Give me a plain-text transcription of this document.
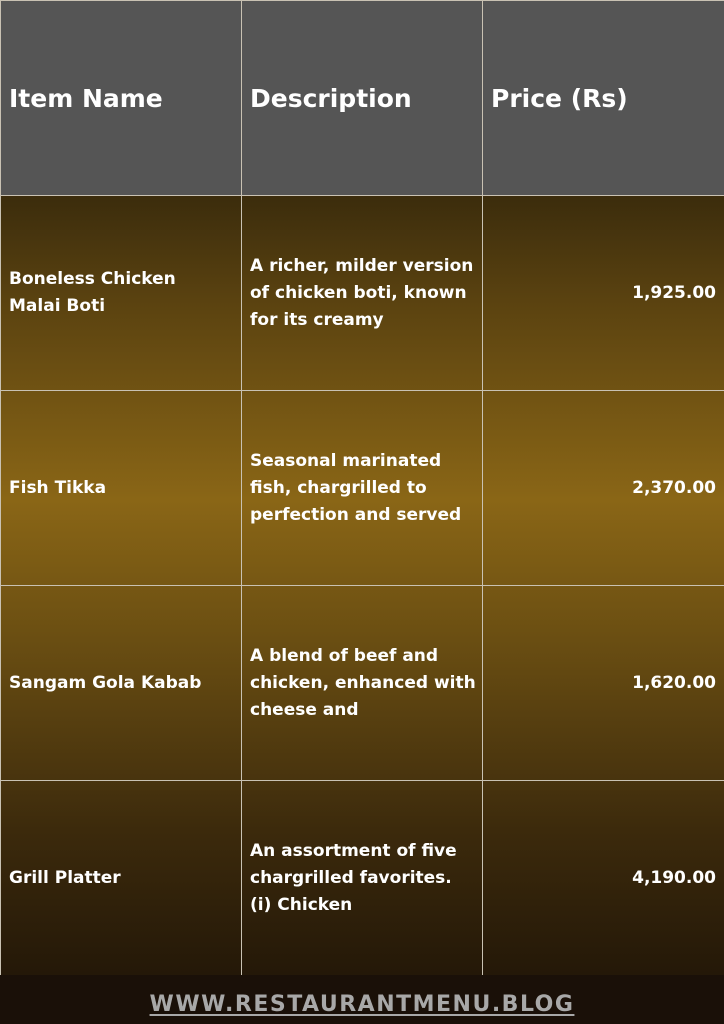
Item Name	Description	Price (Rs)
Boneless Chicken Malai Boti	A richer, milder version of chicken boti, known for its creamy	1,925.00
Fish Tikka	Seasonal marinated fish, chargrilled to perfection and served	2,370.00
Sangam Gola Kabab	A blend of beef and chicken, enhanced with cheese and	1,620.00
Grill Platter	An assortment of five chargrilled favorites. (i) Chicken	4,190.00
WWW.RESTAURANTMENU.BLOG
